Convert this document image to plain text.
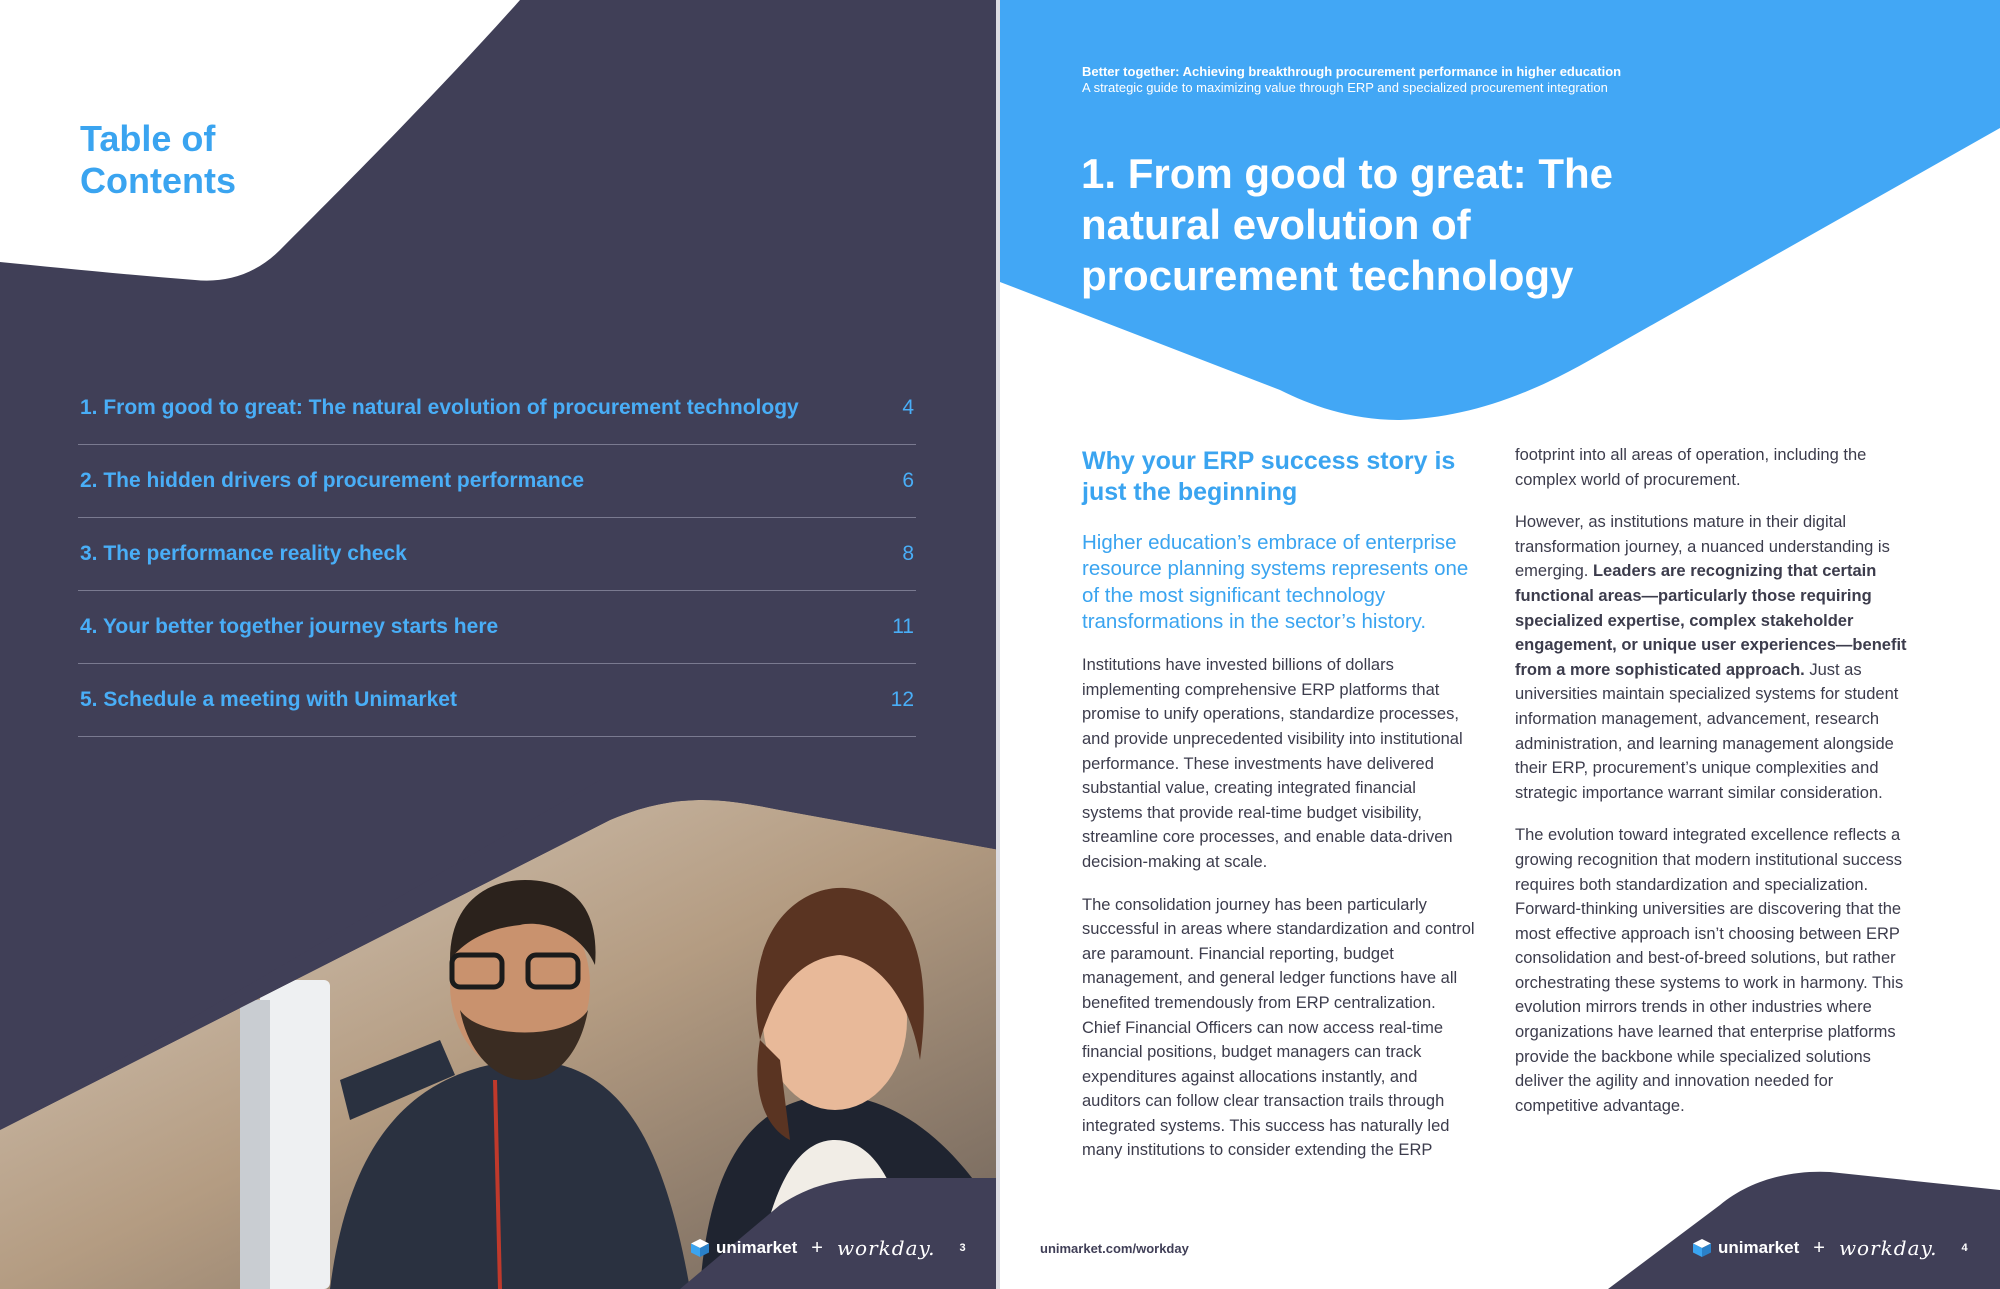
Table of Contents
1. From good to great: The natural evolution of procurement technology	4
2. The hidden drivers of procurement performance	6
3. The performance reality check	8
4. Your better together journey starts here	11
5. Schedule a meeting with Unimarket	12
unimarket + workday. 3
Better together: Achieving breakthrough procurement performance in higher education
A strategic guide to maximizing value through ERP and specialized procurement integration
1. From good to great: The natural evolution of procurement technology
Why your ERP success story is just the beginning

Higher education’s embrace of enterprise resource planning systems represents one of the most significant technology transformations in the sector’s history.

Institutions have invested billions of dollars implementing comprehensive ERP platforms that promise to unify operations, standardize processes, and provide unprecedented visibility into institutional performance. These investments have delivered substantial value, creating integrated financial systems that provide real-time budget visibility, streamline core processes, and enable data-driven decision-making at scale.

The consolidation journey has been particularly successful in areas where standardization and control are paramount. Financial reporting, budget management, and general ledger functions have all benefited tremendously from ERP centralization. Chief Financial Officers can now access real-time financial positions, budget managers can track expenditures against allocations instantly, and auditors can follow clear transaction trails through integrated systems. This success has naturally led many institutions to consider extending the ERP

footprint into all areas of operation, including the complex world of procurement.

However, as institutions mature in their digital transformation journey, a nuanced understanding is emerging. Leaders are recognizing that certain functional areas—particularly those requiring specialized expertise, complex stakeholder engagement, or unique user experiences—benefit from a more sophisticated approach. Just as universities maintain specialized systems for student information management, advancement, research administration, and learning management alongside their ERP, procurement’s unique complexities and strategic importance warrant similar consideration.

The evolution toward integrated excellence reflects a growing recognition that modern institutional success requires both standardization and specialization. Forward-thinking universities are discovering that the most effective approach isn’t choosing between ERP consolidation and best-of-breed solutions, but rather orchestrating these systems to work in harmony. This evolution mirrors trends in other industries where organizations have learned that enterprise platforms provide the backbone while specialized solutions deliver the agility and innovation needed for competitive advantage.

unimarket.com/workday	unimarket + workday. 4
